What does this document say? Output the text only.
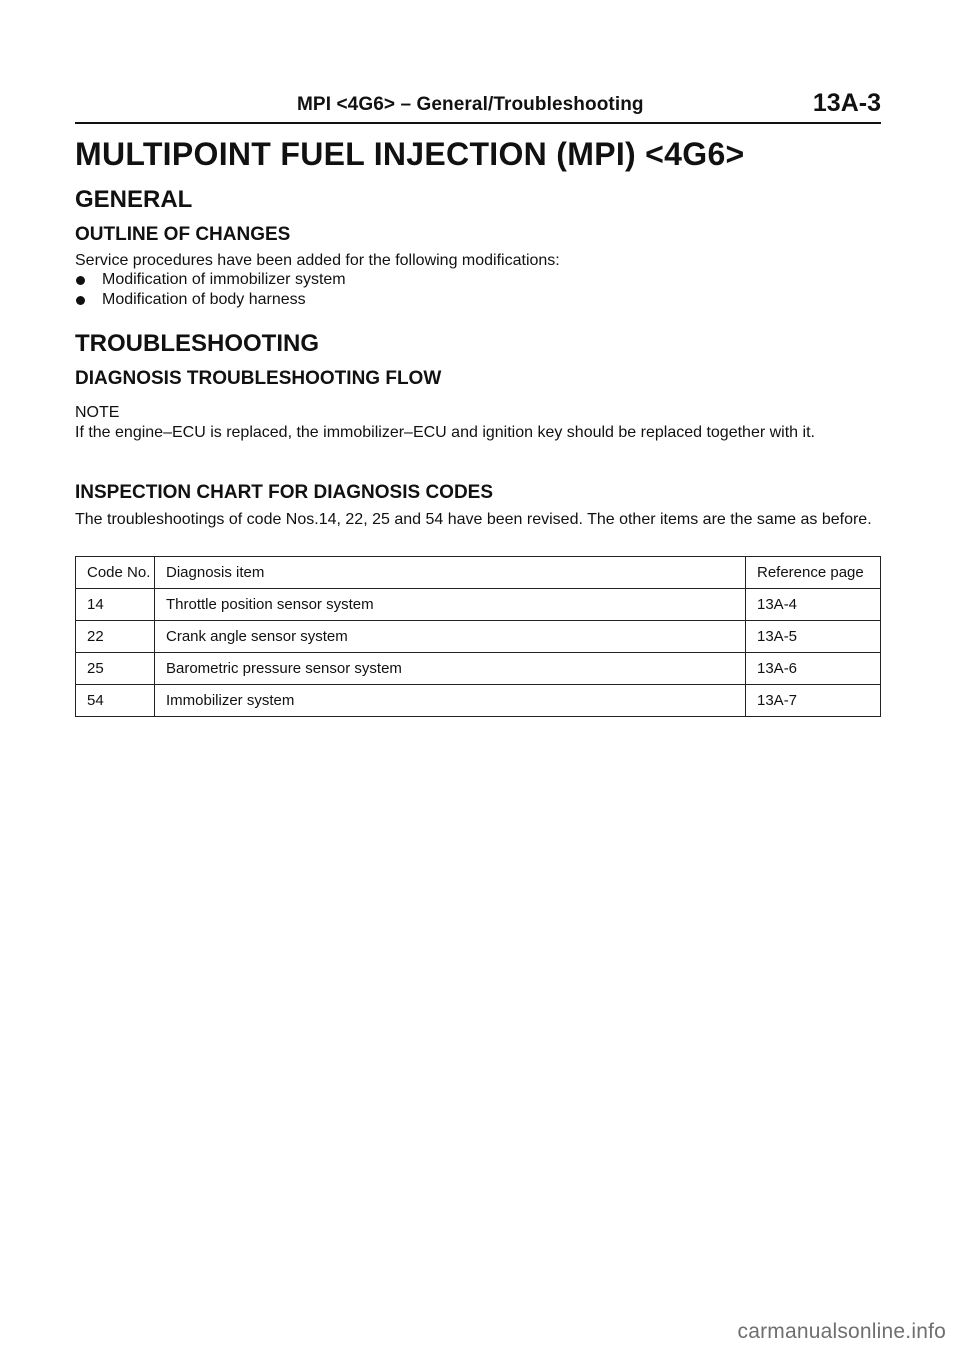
MPI <4G6> – General/Troubleshooting	13A-3
MULTIPOINT FUEL INJECTION (MPI) <4G6>
GENERAL
OUTLINE OF CHANGES
Service procedures have been added for the following modifications:
Modification of immobilizer system
Modification of body harness
TROUBLESHOOTING
DIAGNOSIS TROUBLESHOOTING FLOW
NOTE
If the engine–ECU is replaced, the immobilizer–ECU and ignition key should be replaced together with it.
INSPECTION CHART FOR DIAGNOSIS CODES
The troubleshootings of code Nos.14, 22, 25 and 54 have been revised. The other items are the same as before.
Code No.	Diagnosis item	Reference page
14	Throttle position sensor system	13A-4
22	Crank angle sensor system	13A-5
25	Barometric pressure sensor system	13A-6
54	Immobilizer system	13A-7
carmanualsonline.info
